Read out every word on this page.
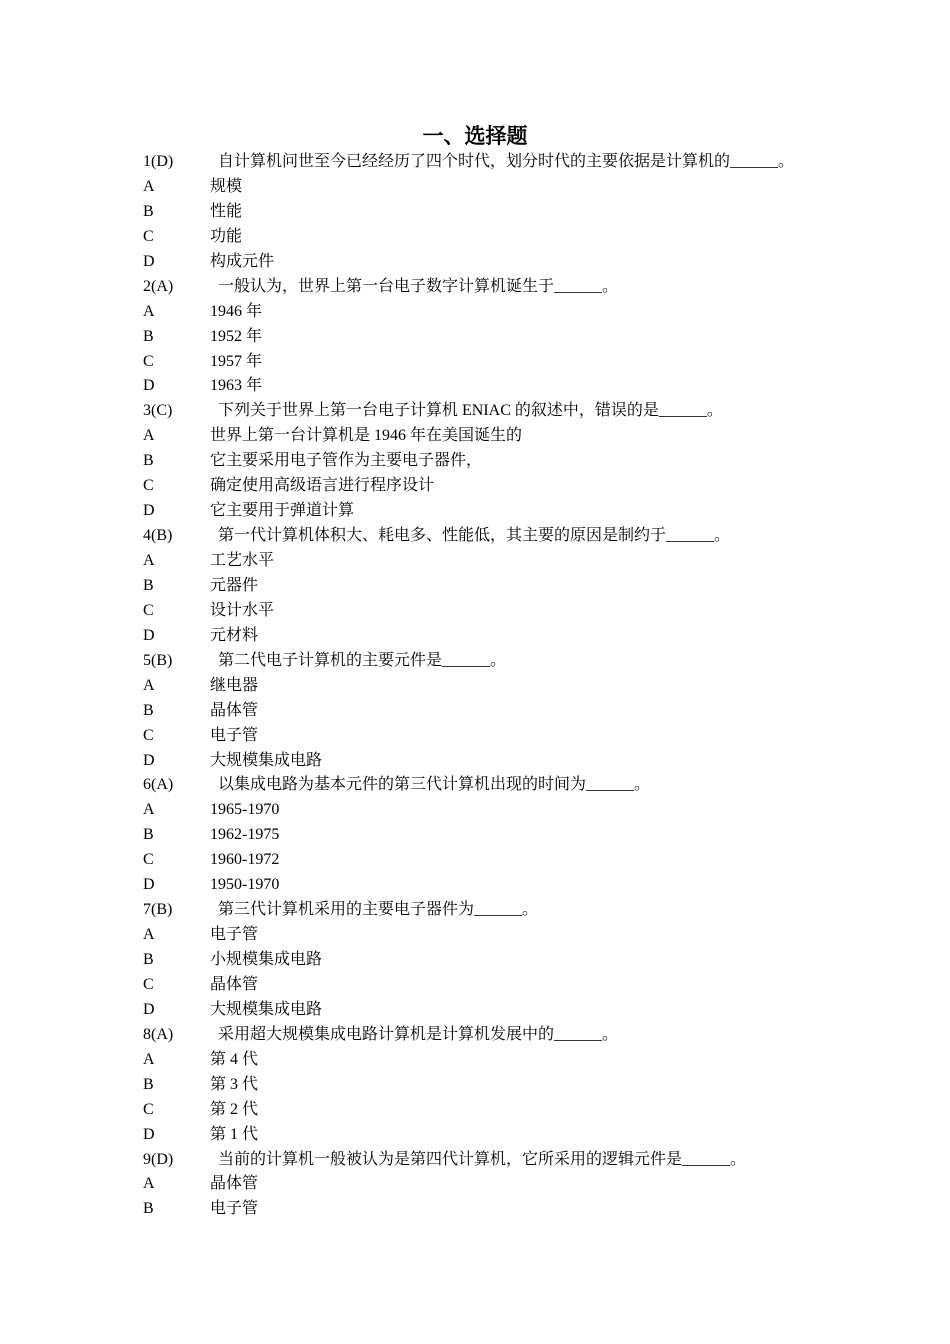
一、选择题
1(D)	自计算机问世至今已经经历了四个时代，划分时代的主要依据是计算机的______。
A	规模
B	性能
C	功能
D	构成元件
2(A)	一般认为，世界上第一台电子数字计算机诞生于______。
A	1946 年
B	1952 年
C	1957 年
D	1963 年
3(C)	下列关于世界上第一台电子计算机 ENIAC 的叙述中，错误的是______。
A	世界上第一台计算机是 1946 年在美国诞生的
B	它主要采用电子管作为主要电子器件，
C	确定使用高级语言进行程序设计
D	它主要用于弹道计算
4(B)	第一代计算机体积大、耗电多、性能低，其主要的原因是制约于______。
A	工艺水平
B	元器件
C	设计水平
D	元材料
5(B)	第二代电子计算机的主要元件是______。
A	继电器
B	晶体管
C	电子管
D	大规模集成电路
6(A)	以集成电路为基本元件的第三代计算机出现的时间为______。
A	1965-1970
B	1962-1975
C	1960-1972
D	1950-1970
7(B)	第三代计算机采用的主要电子器件为______。
A	电子管
B	小规模集成电路
C	晶体管
D	大规模集成电路
8(A)	采用超大规模集成电路计算机是计算机发展中的______。
A	第 4 代
B	第 3 代
C	第 2 代
D	第 1 代
9(D)	当前的计算机一般被认为是第四代计算机，它所采用的逻辑元件是______。
A	晶体管
B	电子管
